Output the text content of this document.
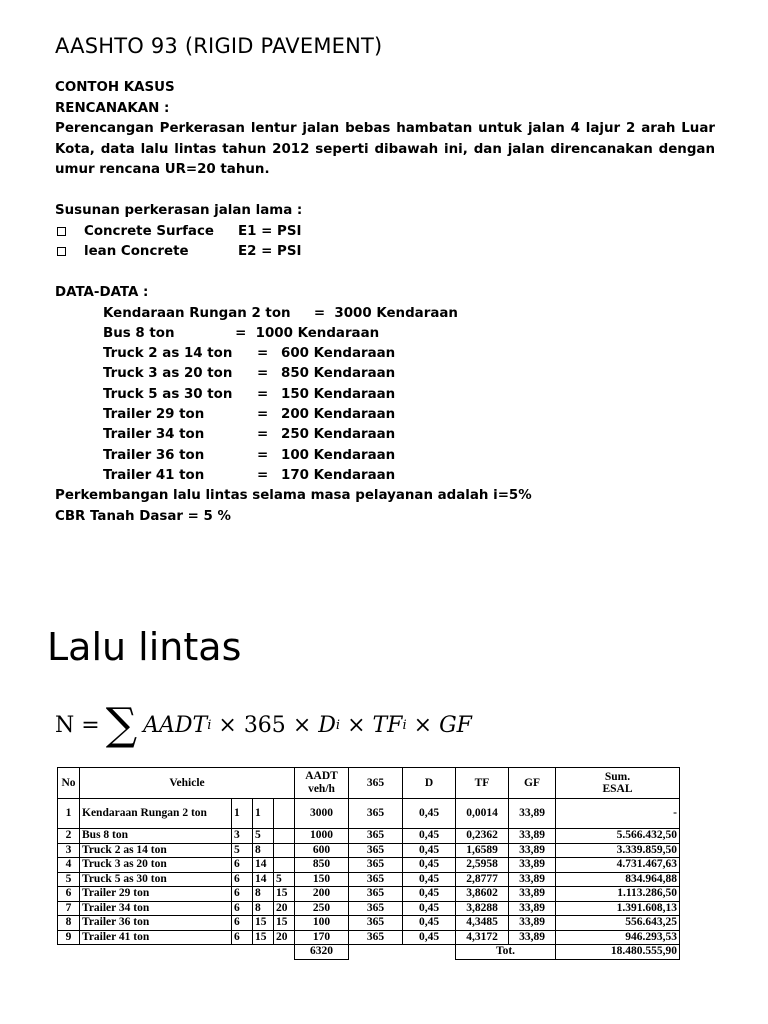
AASHTO 93 (RIGID PAVEMENT)
CONTOH KASUS
RENCANAKAN :

Perencangan Perkerasan lentur jalan bebas hambatan untuk jalan 4 lajur 2 arah Luar Kota, data lalu lintas tahun 2012 seperti dibawah ini, dan jalan direncanakan dengan umur rencana UR=20 tahun.

Susunan perkerasan jalan lama :
Concrete Surface	E1 = PSI
lean Concrete	E2 = PSI
DATA-DATA :
Kendaraan Rungan 2 ton     =  3000 Kendaraan
Bus 8 ton             =  1000 Kendaraan
Truck 2 as 14 ton	= 600 Kendaraan
Truck 3 as 20 ton	= 850 Kendaraan
Truck 5 as 30 ton	= 150 Kendaraan
Trailer 29 ton	= 200 Kendaraan
Trailer 34 ton	= 250 Kendaraan
Trailer 36 ton	= 100 Kendaraan
Trailer 41 ton	= 170 Kendaraan
Perkembangan lalu lintas selama masa pelayanan adalah i=5%
CBR Tanah Dasar = 5 %
Lalu lintas
N = ∑ AADT i
×
365
×
D i
×
TF i
×
GF
No	Vehicle				AADT veh/h	365	D	TF	GF	Sum.
ESAL
1	Kendaraan Rungan 2 ton	1	1		3000	365	0,45	0,0014	33,89	-
2	Bus 8 ton	3	5		1000	365	0,45	0,2362	33,89	5.566.432,50
3	Truck 2 as 14 ton	5	8		600	365	0,45	1,6589	33,89	3.339.859,50
4	Truck 3 as 20 ton	6	14		850	365	0,45	2,5958	33,89	4.731.467,63
5	Truck 5 as 30 ton	6	14	5	150	365	0,45	2,8777	33,89	834.964,88
6	Trailer 29 ton	6	8	15	200	365	0,45	3,8602	33,89	1.113.286,50
7	Trailer 34 ton	6	8	20	250	365	0,45	3,8288	33,89	1.391.608,13
8	Trailer 36 ton	6	15	15	100	365	0,45	4,3485	33,89	556.643,25
9	Trailer 41 ton	6	15	20	170	365	0,45	4,3172	33,89	946.293,53
					6320			Tot.		18.480.555,90
